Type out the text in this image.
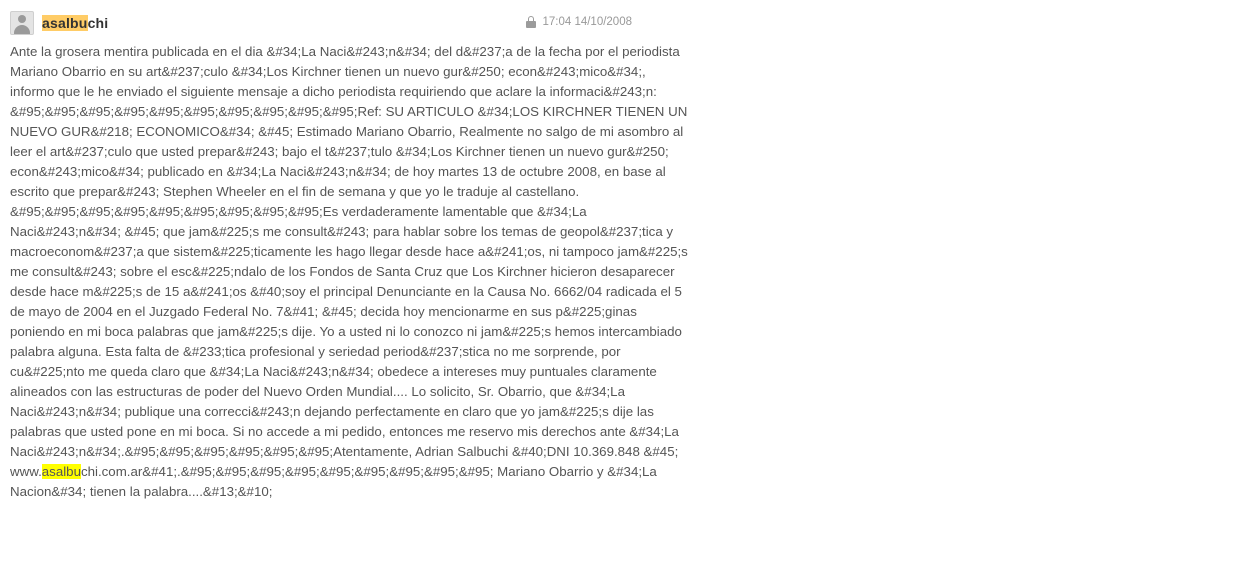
asalbuchi	17:04 14/10/2008
Ante la grosera mentira publicada en el dia &#34;La Naci&#243;n&#34; del d&#237;a de la fecha por el periodista Mariano Obarrio en su art&#237;culo &#34;Los Kirchner tienen un nuevo gur&#250; econ&#243;mico&#34;, informo que le he enviado el siguiente mensaje a dicho periodista requiriendo que aclare la informaci&#243;n: &#95;&#95;&#95;&#95;&#95;&#95;&#95;&#95;&#95;&#95;Ref: SU ARTICULO &#34;LOS KIRCHNER TIENEN UN NUEVO GUR&#218; ECONOMICO&#34; &#45; Estimado Mariano Obarrio, Realmente no salgo de mi asombro al leer el art&#237;culo que usted prepar&#243; bajo el t&#237;tulo &#34;Los Kirchner tienen un nuevo gur&#250; econ&#243;mico&#34; publicado en &#34;La Naci&#243;n&#34; de hoy martes 13 de octubre 2008, en base al escrito que prepar&#243; Stephen Wheeler en el fin de semana y que yo le traduje al castellano. &#95;&#95;&#95;&#95;&#95;&#95;&#95;&#95;&#95;Es verdaderamente lamentable que &#34;La Naci&#243;n&#34; &#45; que jam&#225;s me consult&#243; para hablar sobre los temas de geopol&#237;tica y macroeconom&#237;a que sistem&#225;ticamente les hago llegar desde hace a&#241;os, ni tampoco jam&#225;s me consult&#243; sobre el esc&#225;ndalo de los Fondos de Santa Cruz que Los Kirchner hicieron desaparecer desde hace m&#225;s de 15 a&#241;os &#40;soy el principal Denunciante en la Causa No. 6662/04 radicada el 5 de mayo de 2004 en el Juzgado Federal No. 7&#41; &#45; decida hoy mencionarme en sus p&#225;ginas poniendo en mi boca palabras que jam&#225;s dije. Yo a usted ni lo conozco ni jam&#225;s hemos intercambiado palabra alguna. Esta falta de &#233;tica profesional y seriedad period&#237;stica no me sorprende, por cu&#225;nto me queda claro que &#34;La Naci&#243;n&#34; obedece a intereses muy puntuales claramente alineados con las estructuras de poder del Nuevo Orden Mundial.... Lo solicito, Sr. Obarrio, que &#34;La Naci&#243;n&#34; publique una correcci&#243;n dejando perfectamente en claro que yo jam&#225;s dije las palabras que usted pone en mi boca. Si no accede a mi pedido, entonces me reservo mis derechos ante &#34;La Naci&#243;n&#34;.&#95;&#95;&#95;&#95;&#95;&#95;Atentamente, Adrian Salbuchi &#40;DNI 10.369.848 &#45; www.asalbuchi.com.ar&#41;.&#95;&#95;&#95;&#95;&#95;&#95;&#95;&#95;&#95; Mariano Obarrio y &#34;La Nacion&#34; tienen la palabra....&#13;&#10;
